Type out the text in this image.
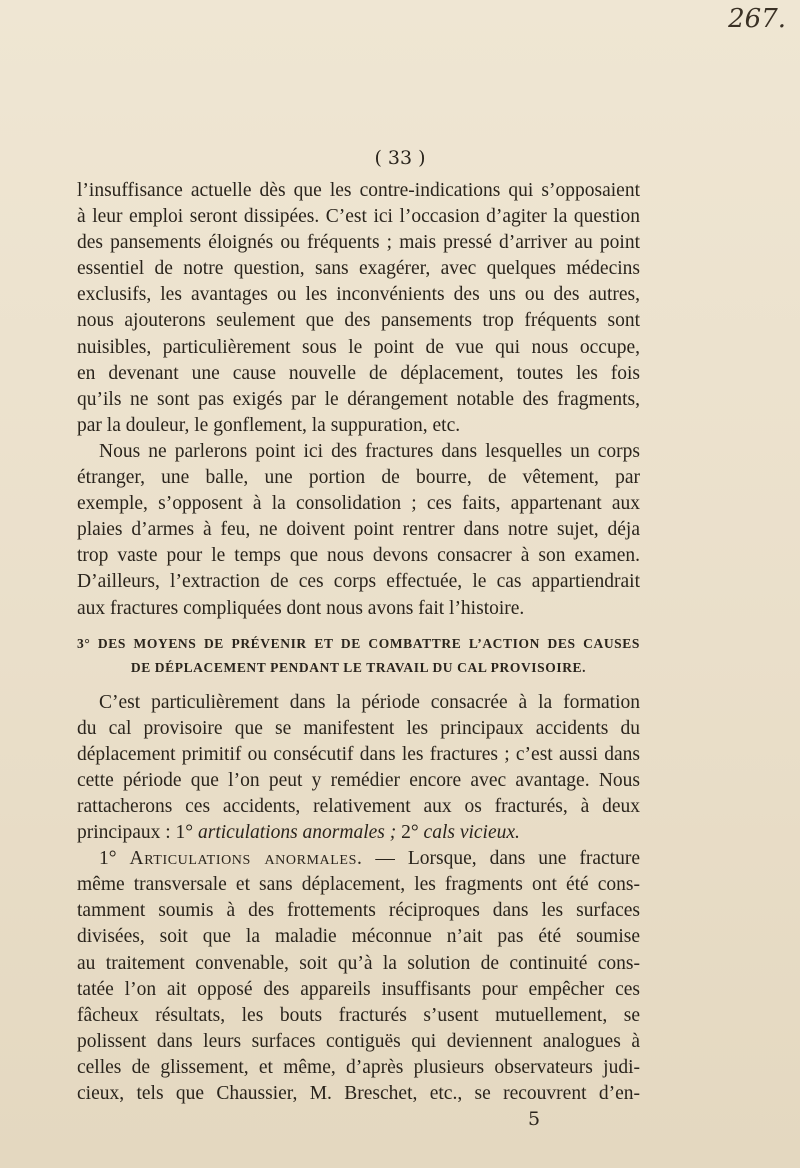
267.
( 33 )
l’insuffisance actuelle dès que les contre-indications qui s’opposaient
à leur emploi seront dissipées. C’est ici l’occasion d’agiter la question
des pansements éloignés ou fréquents ; mais pressé d’arriver au point
essentiel de notre question, sans exagérer, avec quelques médecins
exclusifs, les avantages ou les inconvénients des uns ou des autres,
nous ajouterons seulement que des pansements trop fréquents sont
nuisibles, particulièrement sous le point de vue qui nous occupe,
en devenant une cause nouvelle de déplacement, toutes les fois
qu’ils ne sont pas exigés par le dérangement notable des fragments,
par la douleur, le gonflement, la suppuration, etc.
Nous ne parlerons point ici des fractures dans lesquelles un corps
étranger, une balle, une portion de bourre, de vêtement, par
exemple, s’opposent à la consolidation ; ces faits, appartenant aux
plaies d’armes à feu, ne doivent point rentrer dans notre sujet, déja
trop vaste pour le temps que nous devons consacrer à son examen.
D’ailleurs, l’extraction de ces corps effectuée, le cas appartiendrait
aux fractures compliquées dont nous avons fait l’histoire.
3° DES MOYENS DE PRÉVENIR ET DE COMBATTRE L’ACTION DES CAUSES
DE DÉPLACEMENT PENDANT LE TRAVAIL DU CAL PROVISOIRE.
C’est particulièrement dans la période consacrée à la formation
du cal provisoire que se manifestent les principaux accidents du
déplacement primitif ou consécutif dans les fractures ; c’est aussi dans
cette période que l’on peut y remédier encore avec avantage. Nous
rattacherons ces accidents, relativement aux os fracturés, à deux
principaux : 1° articulations anormales ; 2° cals vicieux.
1° Articulations anormales. — Lorsque, dans une fracture
même transversale et sans déplacement, les fragments ont été cons-
tamment soumis à des frottements réciproques dans les surfaces
divisées, soit que la maladie méconnue n’ait pas été soumise
au traitement convenable, soit qu’à la solution de continuité cons-
tatée l’on ait opposé des appareils insuffisants pour empêcher ces
fâcheux résultats, les bouts fracturés s’usent mutuellement, se
polissent dans leurs surfaces contiguës qui deviennent analogues à
celles de glissement, et même, d’après plusieurs observateurs judi-
cieux, tels que Chaussier, M. Breschet, etc., se recouvrent d’en-
5
